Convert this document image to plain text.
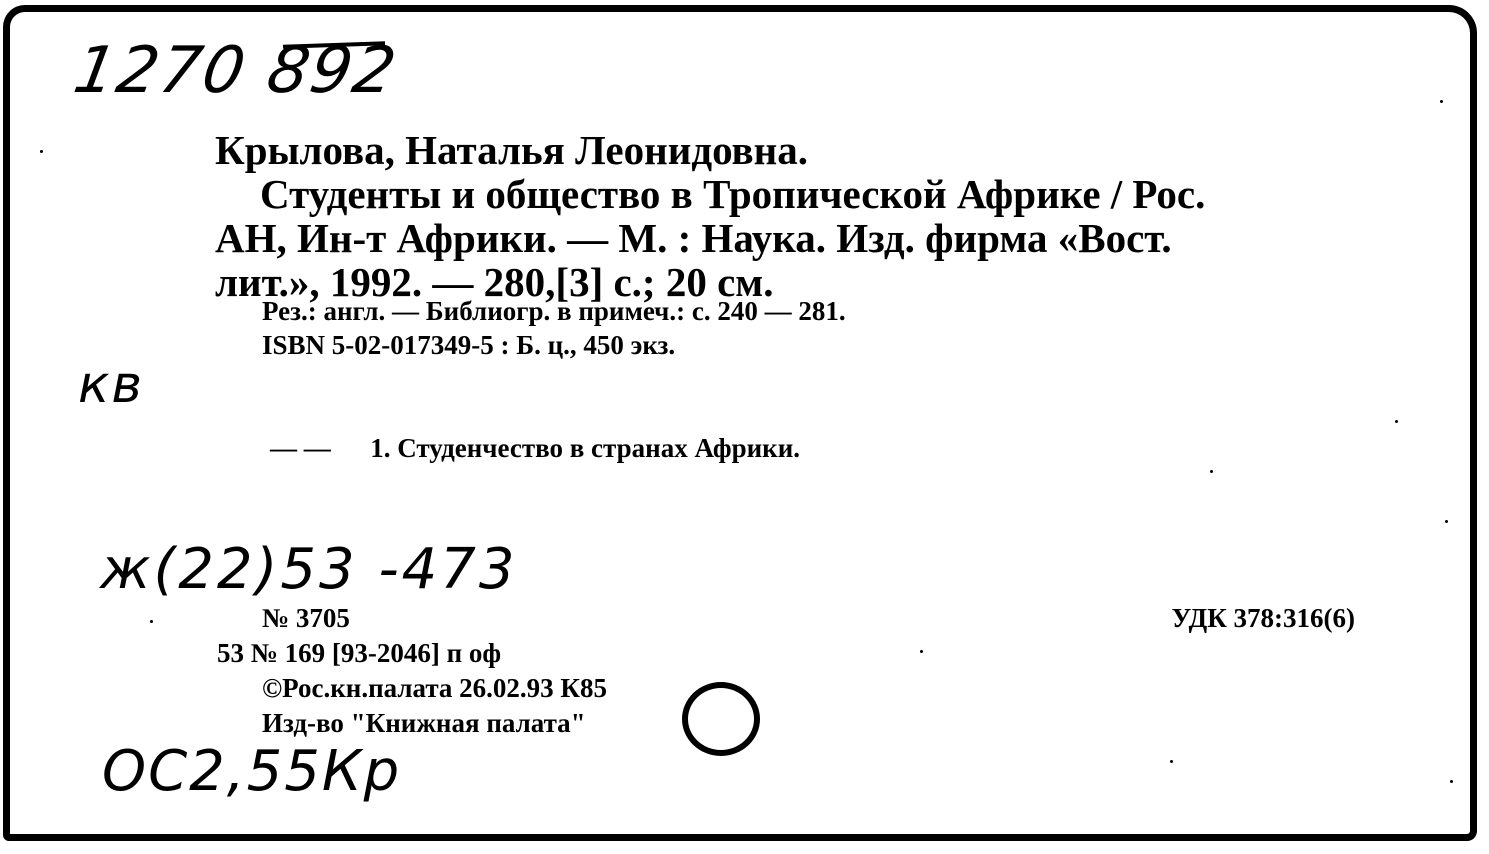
1270 892

Крылова, Наталья Леонидовна.

Студенты и общество в Тропической Африке / Рос.

АН, Ин-т Африки. — М. : Наука. Изд. фирма «Вост.

лит.», 1992. — 280,[3] с.; 20 см.

Рез.: англ. — Библиогр. в примеч.: с. 240 — 281.
ISBN 5-02-017349-5 : Б. ц., 450 экз.
кв
— — 1. Студенчество в странах Африки.
ж(22)53 -473
№ 3705
53 № 169 [93-2046] п оф
©Рос.кн.палата 26.02.93 К85
Изд-во "Книжная палата"
УДК 378:316(6)
ОС2,55Кр
